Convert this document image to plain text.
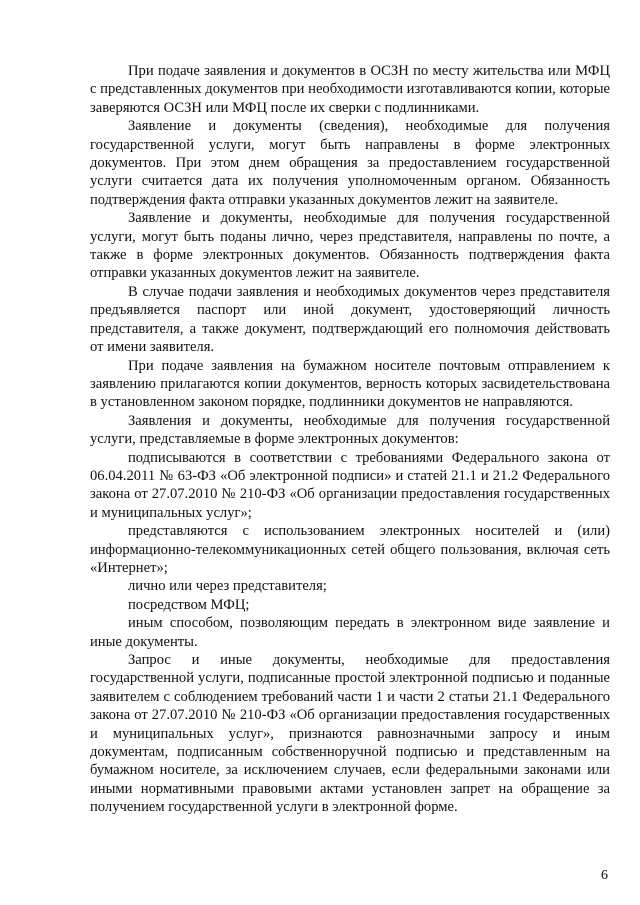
При подаче заявления и документов в ОСЗН по месту жительства или МФЦ с представленных документов при необходимости изготавливаются копии, которые заверяются ОСЗН или МФЦ после их сверки с подлинниками.

Заявление и документы (сведения), необходимые для получения государственной услуги, могут быть направлены в форме электронных документов. При этом днем обращения за предоставлением государственной услуги считается дата их получения уполномоченным органом. Обязанность подтверждения факта отправки указанных документов лежит на заявителе.

Заявление и документы, необходимые для получения государственной услуги, могут быть поданы лично, через представителя, направлены по почте, а также в форме электронных документов. Обязанность подтверждения факта отправки указанных документов лежит на заявителе.

В случае подачи заявления и необходимых документов через представителя предъявляется паспорт или иной документ, удостоверяющий личность представителя, а также документ, подтверждающий его полномочия действовать от имени заявителя.

При подаче заявления на бумажном носителе почтовым отправлением к заявлению прилагаются копии документов, верность которых засвидетельствована в установленном законом порядке, подлинники документов не направляются.

Заявления и документы, необходимые для получения государственной услуги, представляемые в форме электронных документов:

подписываются в соответствии с требованиями Федерального закона от 06.04.2011 № 63-ФЗ «Об электронной подписи» и статей 21.1 и 21.2 Федерального закона от 27.07.2010 № 210-ФЗ «Об организации предоставления государственных и муниципальных услуг»;

представляются с использованием электронных носителей и (или) информационно-телекоммуникационных сетей общего пользования, включая сеть «Интернет»;

лично или через представителя;

посредством МФЦ;

иным способом, позволяющим передать в электронном виде заявление и иные документы.

Запрос и иные документы, необходимые для предоставления государственной услуги, подписанные простой электронной подписью и поданные заявителем с соблюдением требований части 1 и части 2 статьи 21.1 Федерального закона от 27.07.2010 № 210-ФЗ «Об организации предоставления государственных и муниципальных услуг», признаются равнозначными запросу и иным документам, подписанным собственноручной подписью и представленным на бумажном носителе, за исключением случаев, если федеральными законами или иными нормативными правовыми актами установлен запрет на обращение за получением государственной услуги в электронной форме.

6
